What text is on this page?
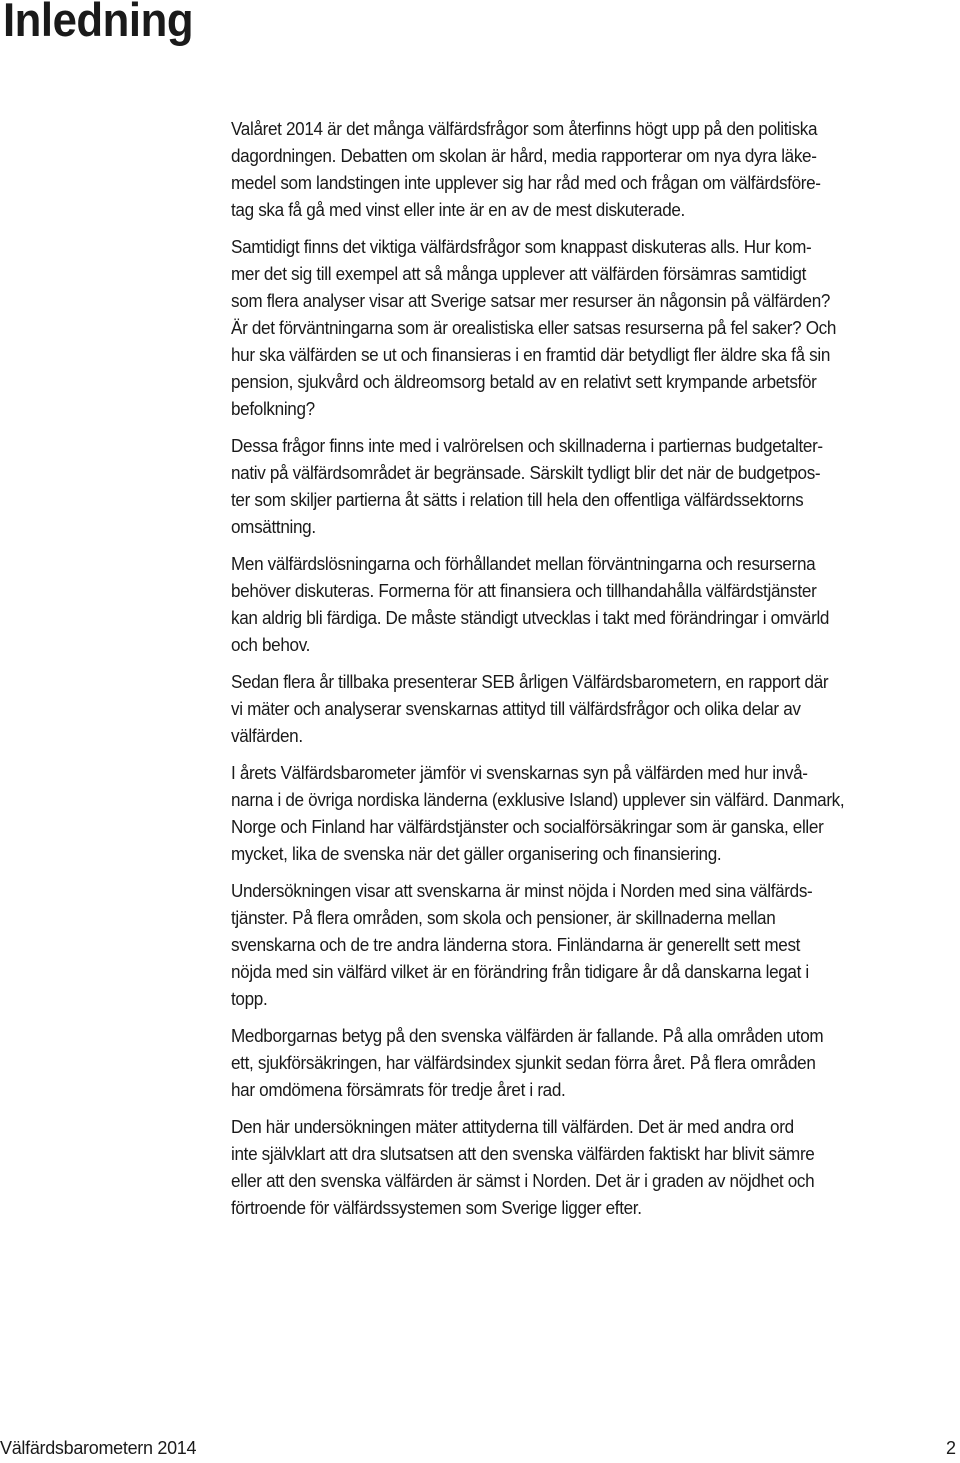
Inledning

Valåret 2014 är det många välfärdsfrågor som återfinns högt upp på den politiska
dagordningen. Debatten om skolan är hård, media rapporterar om nya dyra läke-
medel som landstingen inte upplever sig har råd med och frågan om välfärdsföre-
tag ska få gå med vinst eller inte är en av de mest diskuterade.

Samtidigt finns det viktiga välfärdsfrågor som knappast diskuteras alls. Hur kom-
mer det sig till exempel att så många upplever att välfärden försämras samtidigt
som flera analyser visar att Sverige satsar mer resurser än någonsin på välfärden?
Är det förväntningarna som är orealistiska eller satsas resurserna på fel saker? Och
hur ska välfärden se ut och finansieras i en framtid där betydligt fler äldre ska få sin
pension, sjukvård och äldreomsorg betald av en relativt sett krympande arbetsför
befolkning?

Dessa frågor finns inte med i valrörelsen och skillnaderna i partiernas budgetalter-
nativ på välfärdsområdet är begränsade. Särskilt tydligt blir det när de budgetpos-
ter som skiljer partierna åt sätts i relation till hela den offentliga välfärdssektorns
omsättning.

Men välfärdslösningarna och förhållandet mellan förväntningarna och resurserna
behöver diskuteras. Formerna för att finansiera och tillhandahålla välfärdstjänster
kan aldrig bli färdiga. De måste ständigt utvecklas i takt med förändringar i omvärld
och behov.

Sedan flera år tillbaka presenterar SEB årligen Välfärdsbarometern, en rapport där
vi mäter och analyserar svenskarnas attityd till välfärdsfrågor och olika delar av
välfärden.

I årets Välfärdsbarometer jämför vi svenskarnas syn på välfärden med hur invå-
narna i de övriga nordiska länderna (exklusive Island) upplever sin välfärd. Danmark,
Norge och Finland har välfärdstjänster och socialförsäkringar som är ganska, eller
mycket, lika de svenska när det gäller organisering och finansiering.

Undersökningen visar att svenskarna är minst nöjda i Norden med sina välfärds-
tjänster. På flera områden, som skola och pensioner, är skillnaderna mellan
svenskarna och de tre andra länderna stora. Finländarna är generellt sett mest
nöjda med sin välfärd vilket är en förändring från tidigare år då danskarna legat i
topp.

Medborgarnas betyg på den svenska välfärden är fallande. På alla områden utom
ett, sjukförsäkringen, har välfärdsindex sjunkit sedan förra året. På flera områden
har omdömena försämrats för tredje året i rad.

Den här undersökningen mäter attityderna till välfärden. Det är med andra ord
inte självklart att dra slutsatsen att den svenska välfärden faktiskt har blivit sämre
eller att den svenska välfärden är sämst i Norden. Det är i graden av nöjdhet och
förtroende för välfärdssystemen som Sverige ligger efter.

Välfärdsbarometern 2014	2
